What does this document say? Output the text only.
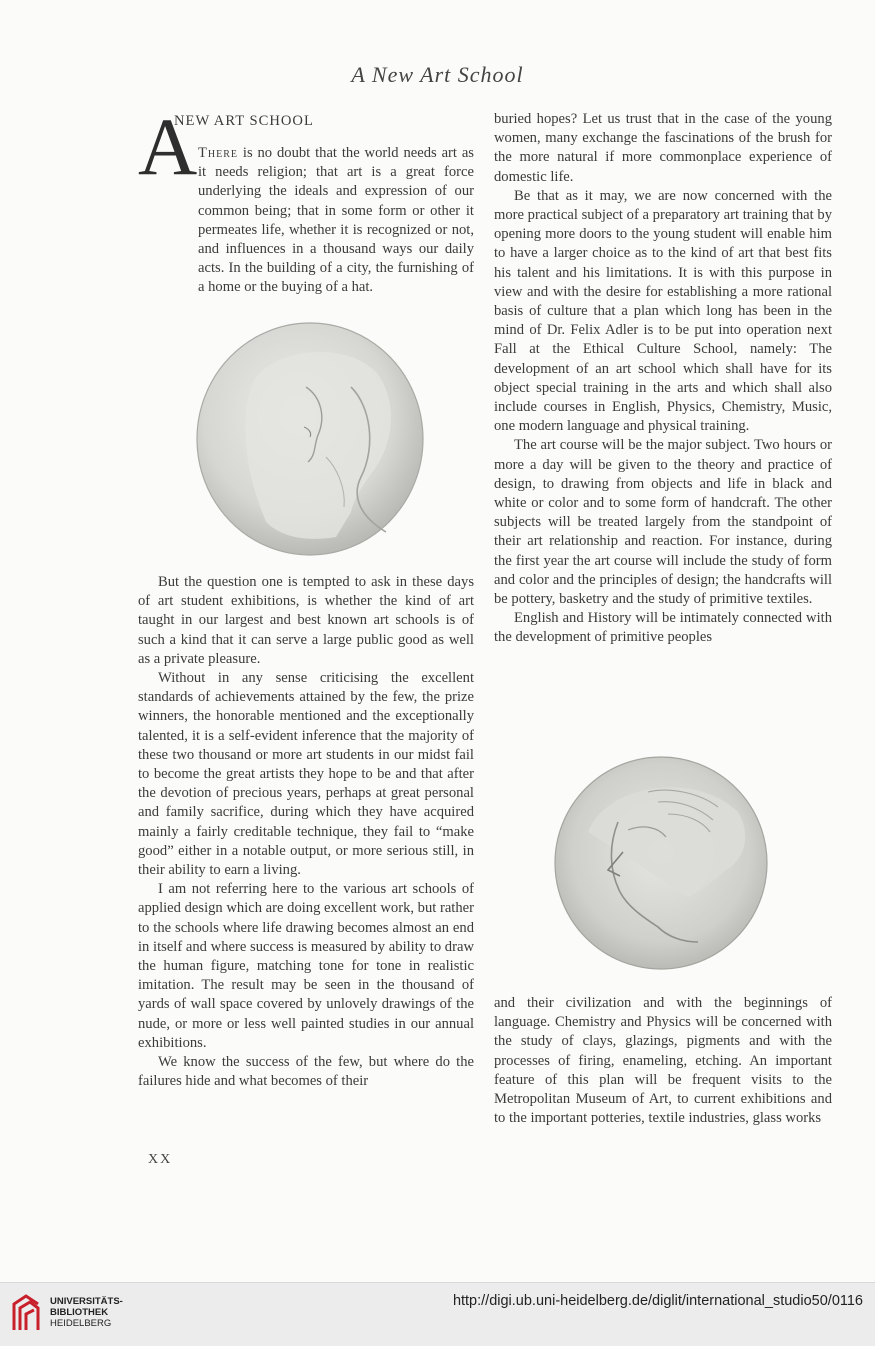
A New Art School
A
NEW ART SCHOOL

There is no doubt that the world needs art as it needs religion; that art is a great force underlying the ideals and expression of our common being; that in some form or other it permeates life, whether it is recognized or not, and influences in a thousand ways our daily acts. In the building of a city, the furnishing of a home or the buying of a hat.

But the question one is tempted to ask in these days of art student exhibitions, is whether the kind of art taught in our largest and best known art schools is of such a kind that it can serve a large public good as well as a private pleasure.

Without in any sense criticising the excellent standards of achievements attained by the few, the prize winners, the honorable mentioned and the exceptionally talented, it is a self-evident inference that the majority of these two thousand or more art students in our midst fail to become the great artists they hope to be and that after the devotion of precious years, perhaps at great personal and family sacrifice, during which they have acquired mainly a fairly creditable technique, they fail to “make good” either in a notable output, or more serious still, in their ability to earn a living.

I am not referring here to the various art schools of applied design which are doing excellent work, but rather to the schools where life drawing becomes almost an end in itself and where success is measured by ability to draw the human figure, matching tone for tone in realistic imitation. The result may be seen in the thousand of yards of wall space covered by unlovely drawings of the nude, or more or less well painted studies in our annual exhibitions.

We know the success of the few, but where do the failures hide and what becomes of their

buried hopes? Let us trust that in the case of the young women, many exchange the fascinations of the brush for the more natural if more commonplace experience of domestic life.

Be that as it may, we are now concerned with the more practical subject of a preparatory art training that by opening more doors to the young student will enable him to have a larger choice as to the kind of art that best fits his talent and his limitations. It is with this purpose in view and with the desire for establishing a more rational basis of culture that a plan which long has been in the mind of Dr. Felix Adler is to be put into operation next Fall at the Ethical Culture School, namely: The development of an art school which shall have for its object special training in the arts and which shall also include courses in English, Physics, Chemistry, Music, one modern language and physical training.

The art course will be the major subject. Two hours or more a day will be given to the theory and practice of design, to drawing from objects and life in black and white or color and to some form of handcraft. The other subjects will be treated largely from the standpoint of their art relationship and reaction. For instance, during the first year the art course will include the study of form and color and the principles of design; the handcrafts will be pottery, basketry and the study of primitive textiles.

English and History will be intimately connected with the development of primitive peoples

and their civilization and with the beginnings of language. Chemistry and Physics will be concerned with the study of clays, glazings, pigments and with the processes of firing, enameling, etching. An important feature of this plan will be frequent visits to the Metropolitan Museum of Art, to current exhibitions and to the important potteries, textile industries, glass works

XX
UNIVERSITÄTS-
BIBLIOTHEK
HEIDELBERG
http://digi.ub.uni-heidelberg.de/diglit/international_studio50/0116
